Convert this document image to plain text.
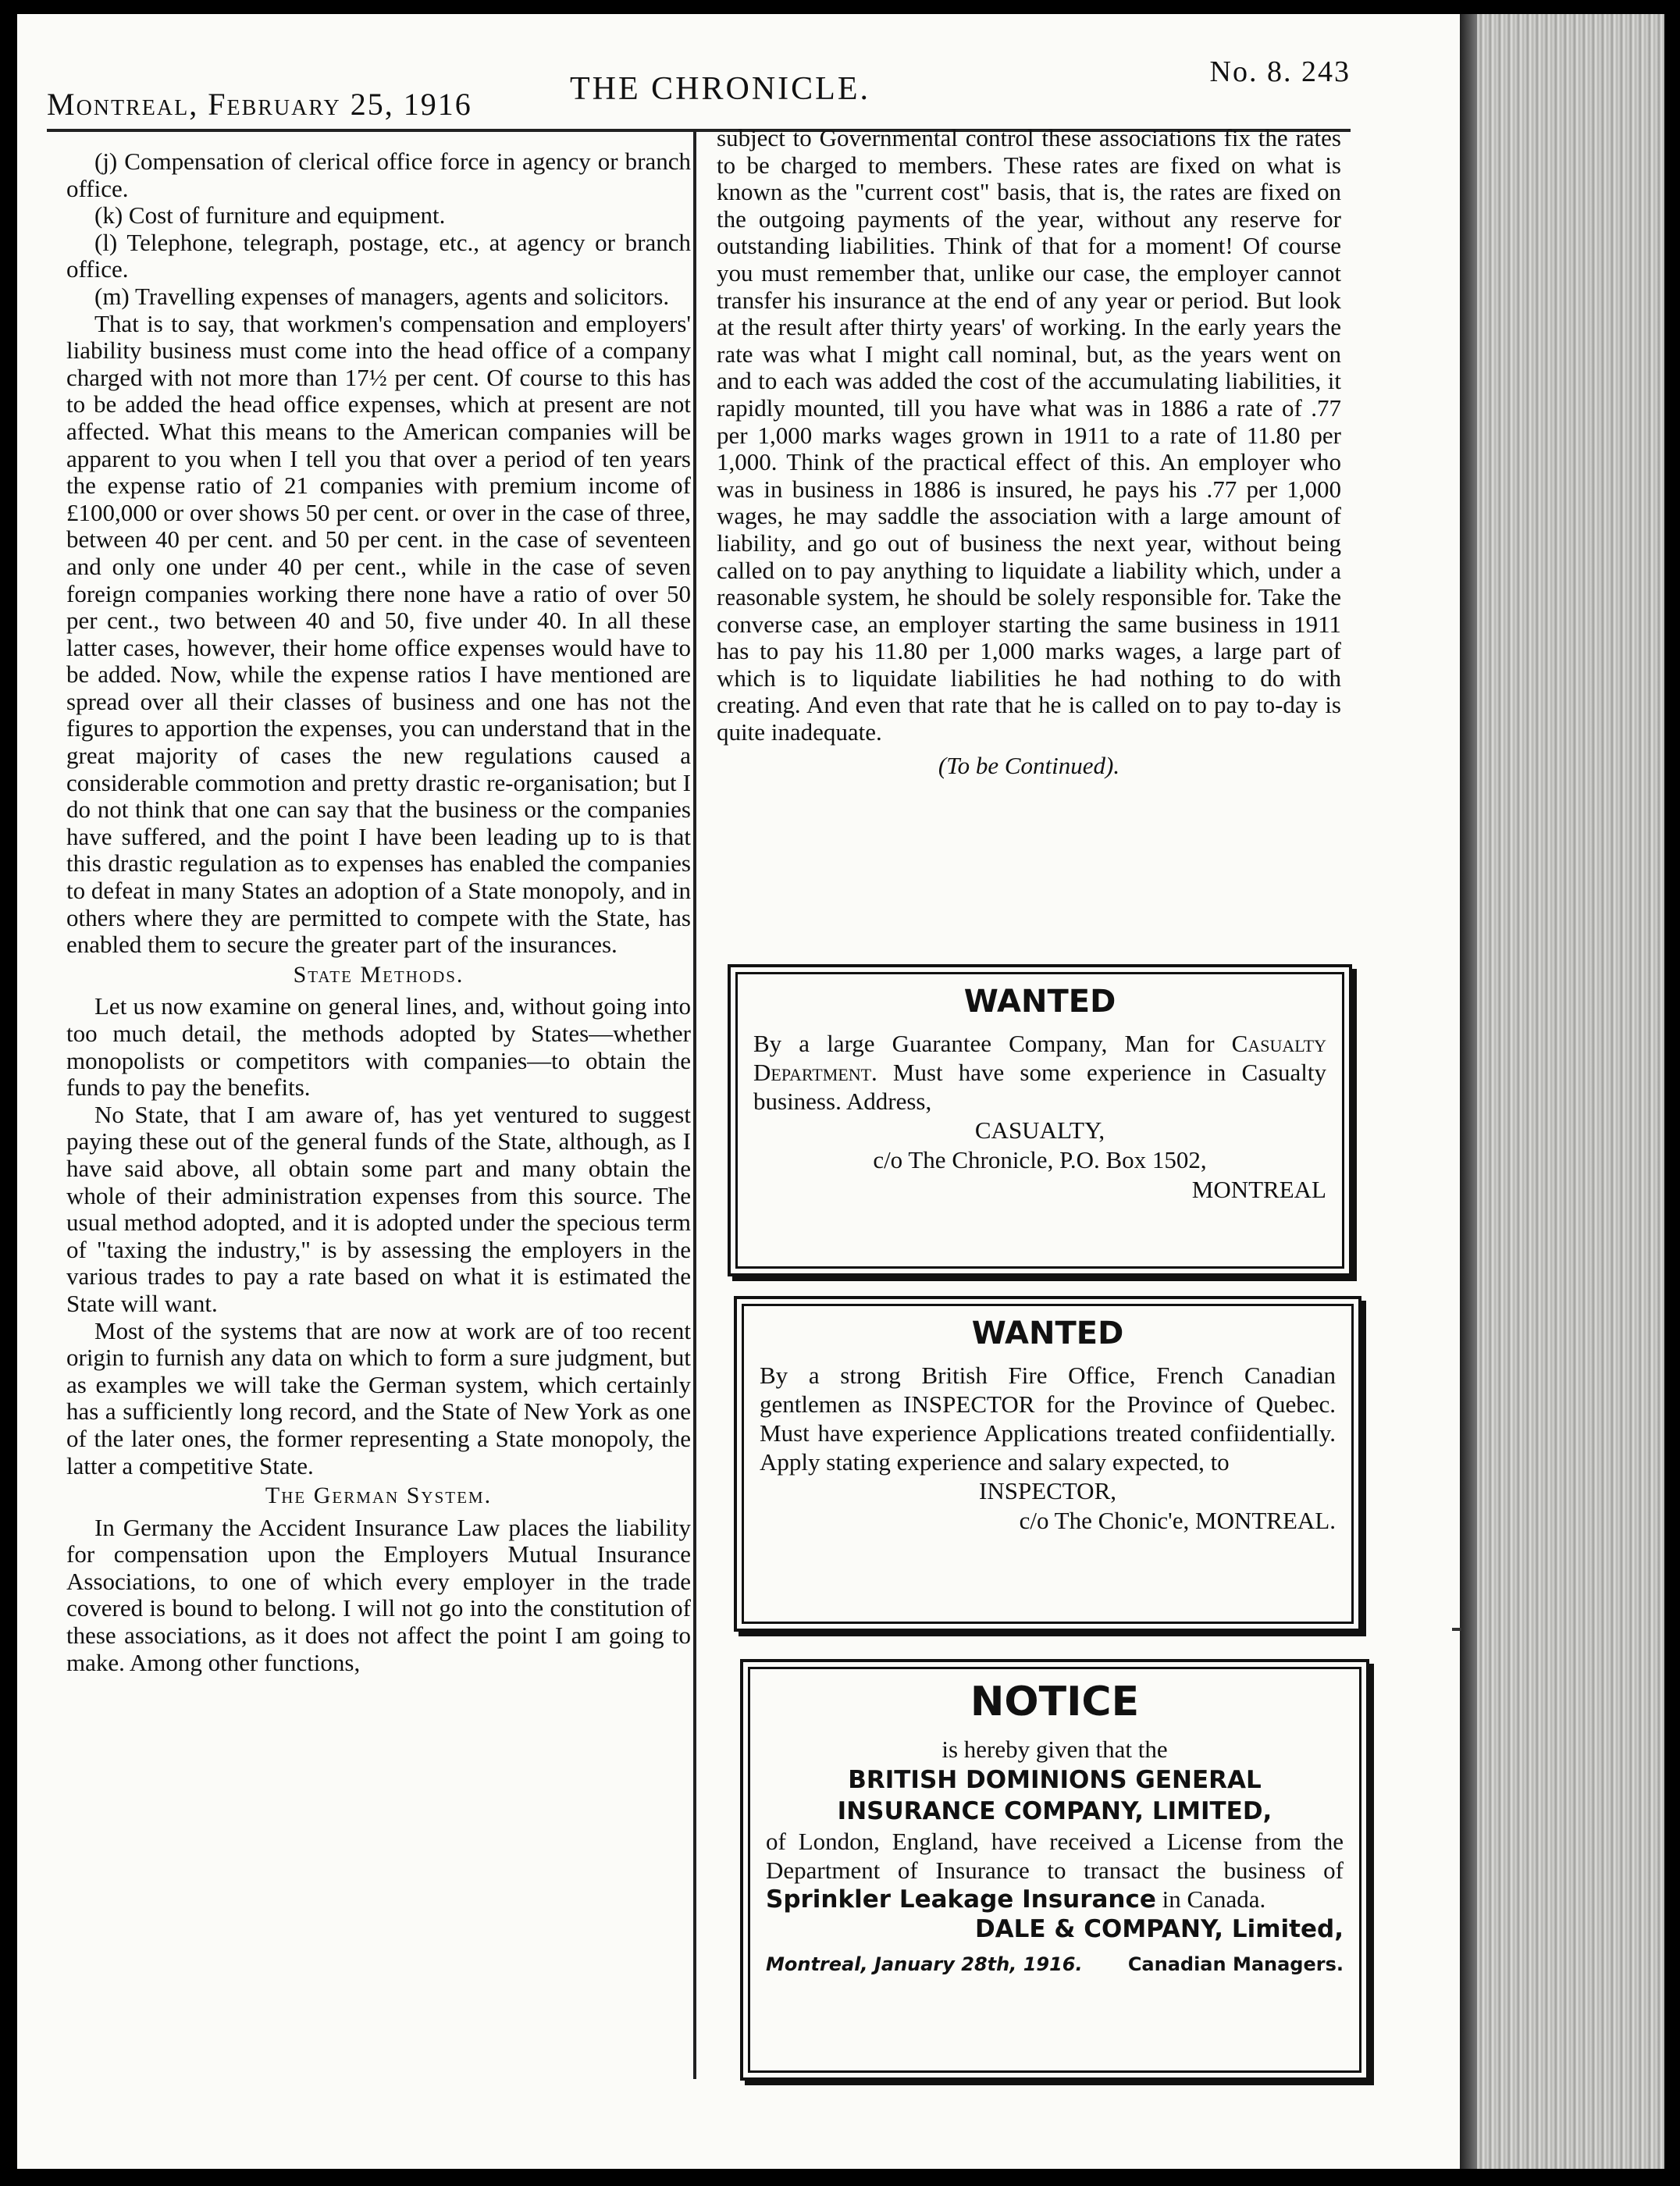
Montreal, February 25, 1916	THE CHRONICLE.	No. 8. 243

(j) Compensation of clerical office force in agency or branch office.

(k) Cost of furniture and equipment.

(l) Telephone, telegraph, postage, etc., at agency or branch office.

(m) Travelling expenses of managers, agents and solicitors.

That is to say, that workmen's compensation and employers' liability business must come into the head office of a company charged with not more than 17½ per cent. Of course to this has to be added the head office expenses, which at present are not affected. What this means to the American companies will be apparent to you when I tell you that over a period of ten years the expense ratio of 21 companies with premium income of £100,000 or over shows 50 per cent. or over in the case of three, between 40 per cent. and 50 per cent. in the case of seventeen and only one under 40 per cent., while in the case of seven foreign companies working there none have a ratio of over 50 per cent., two between 40 and 50, five under 40. In all these latter cases, however, their home office expenses would have to be added. Now, while the expense ratios I have mentioned are spread over all their classes of business and one has not the figures to apportion the expenses, you can understand that in the great majority of cases the new regulations caused a considerable commotion and pretty drastic re-organisation; but I do not think that one can say that the business or the companies have suffered, and the point I have been leading up to is that this drastic regulation as to expenses has enabled the companies to defeat in many States an adoption of a State monopoly, and in others where they are permitted to compete with the State, has enabled them to secure the greater part of the insurances.

State Methods.

Let us now examine on general lines, and, without going into too much detail, the methods adopted by States—whether monopolists or competitors with companies—to obtain the funds to pay the benefits.

No State, that I am aware of, has yet ventured to suggest paying these out of the general funds of the State, although, as I have said above, all obtain some part and many obtain the whole of their administration expenses from this source. The usual method adopted, and it is adopted under the specious term of "taxing the industry," is by assessing the employers in the various trades to pay a rate based on what it is estimated the State will want.

Most of the systems that are now at work are of too recent origin to furnish any data on which to form a sure judgment, but as examples we will take the German system, which certainly has a sufficiently long record, and the State of New York as one of the later ones, the former representing a State monopoly, the latter a competitive State.

The German System.

In Germany the Accident Insurance Law places the liability for compensation upon the Employers Mutual Insurance Associations, to one of which every employer in the trade covered is bound to belong. I will not go into the constitution of these associations, as it does not affect the point I am going to make. Among other functions,

subject to Governmental control these associations fix the rates to be charged to members. These rates are fixed on what is known as the "current cost" basis, that is, the rates are fixed on the outgoing payments of the year, without any reserve for outstanding liabilities. Think of that for a moment! Of course you must remember that, unlike our case, the employer cannot transfer his insurance at the end of any year or period. But look at the result after thirty years' of working. In the early years the rate was what I might call nominal, but, as the years went on and to each was added the cost of the accumulating liabilities, it rapidly mounted, till you have what was in 1886 a rate of .77 per 1,000 marks wages grown in 1911 to a rate of 11.80 per 1,000. Think of the practical effect of this. An employer who was in business in 1886 is insured, he pays his .77 per 1,000 wages, he may saddle the association with a large amount of liability, and go out of business the next year, without being called on to pay anything to liquidate a liability which, under a reasonable system, he should be solely responsible for. Take the converse case, an employer starting the same business in 1911 has to pay his 11.80 per 1,000 marks wages, a large part of which is to liquidate liabilities he had nothing to do with creating. And even that rate that he is called on to pay to-day is quite inadequate.

(To be Continued).
WANTED
By a large Guarantee Company, Man for Casualty Department. Must have some experience in Casualty business. Address,
CASUALTY,
c/o The Chronicle, P.O. Box 1502,
MONTREAL
WANTED
By a strong British Fire Office, French Canadian gentlemen as INSPECTOR for the Province of Quebec. Must have experience Applications treated confiidentially. Apply stating experience and salary expected, to
INSPECTOR,
c/o The Chonic'e, MONTREAL.
NOTICE
is hereby given that the
BRITISH DOMINIONS GENERAL INSURANCE COMPANY, LIMITED,
of London, England, have received a License from the Department of Insurance to transact the business of Sprinkler Leakage Insurance in Canada.
DALE & COMPANY, Limited,
Montreal, January 28th, 1916. Canadian Managers.
